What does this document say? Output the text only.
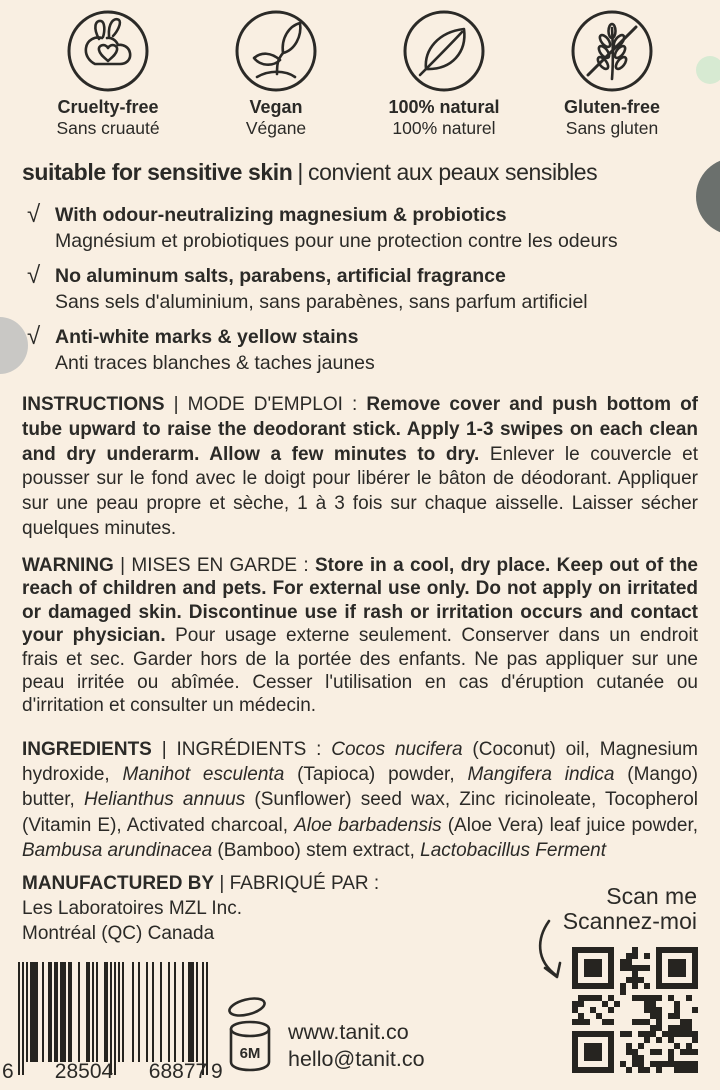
Cruelty-free
Sans cruauté
Vegan
Végane
100% natural
100% naturel
Gluten-free
Sans gluten
suitable for sensitive skin | convient aux peaux sensibles
√ With odour-neutralizing magnesium & probiotics
Magnésium et probiotiques pour une protection contre les odeurs
√ No aluminum salts, parabens, artificial fragrance
Sans sels d'aluminium, sans parabènes, sans parfum artificiel
√ Anti-white marks & yellow stains
Anti traces blanches & taches jaunes
INSTRUCTIONS | MODE D'EMPLOI : Remove cover and push bottom of tube upward to raise the deodorant stick. Apply 1-3 swipes on each clean and dry underarm. Allow a few minutes to dry. Enlever le couvercle et pousser sur le fond avec le doigt pour libérer le bâton de déodorant. Appliquer sur une peau propre et sèche, 1 à 3 fois sur chaque aisselle. Laisser sécher quelques minutes.
WARNING | MISES EN GARDE : Store in a cool, dry place. Keep out of the reach of children and pets. For external use only. Do not apply on irritated or damaged skin. Discontinue use if rash or irritation occurs and contact your physician. Pour usage externe seulement. Conserver dans un endroit frais et sec. Garder hors de la portée des enfants. Ne pas appliquer sur une peau irritée ou abîmée. Cesser l'utilisation en cas d'éruption cutanée ou d'irritation et consulter un médecin.
INGREDIENTS | INGRÉDIENTS : Cocos nucifera (Coconut) oil, Magnesium hydroxide, Manihot esculenta (Tapioca) powder, Mangifera indica (Mango) butter, Helianthus annuus (Sunflower) seed wax, Zinc ricinoleate, Tocopherol (Vitamin E), Activated charcoal, Aloe barbadensis (Aloe Vera) leaf juice powder, Bambusa arundinacea (Bamboo) stem extract, Lactobacillus Ferment
MANUFACTURED BY | FABRIQUÉ PAR :
Les Laboratoires MZL Inc.
Montréal (QC) Canada
Scan me
Scannez-moi
6	28504	68877 9
6M
www.tanit.co
hello@tanit.co
